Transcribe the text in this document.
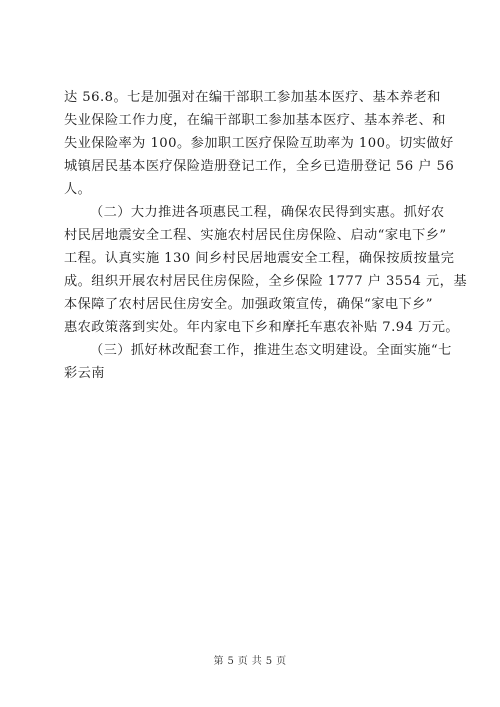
达 56.8。七是加强对在编干部职工参加基本医疗、基本养老和
失业保险工作力度，在编干部职工参加基本医疗、基本养老、和
失业保险率为 100。参加职工医疗保险互助率为 100。切实做好
城镇居民基本医疗保险造册登记工作，全乡已造册登记 56 户 56
人。
（二）大力推进各项惠民工程，确保农民得到实惠。抓好农
村民居地震安全工程、实施农村居民住房保险、启动“家电下乡”
工程。认真实施 130 间乡村民居地震安全工程，确保按质按量完
成。组织开展农村居民住房保险，全乡保险 1777 户 3554 元，基
本保障了农村居民住房安全。加强政策宣传，确保“家电下乡”
惠农政策落到实处。年内家电下乡和摩托车惠农补贴 7.94 万元。
（三）抓好林改配套工作，推进生态文明建设。全面实施“七
彩云南
第 5 页 共 5 页
